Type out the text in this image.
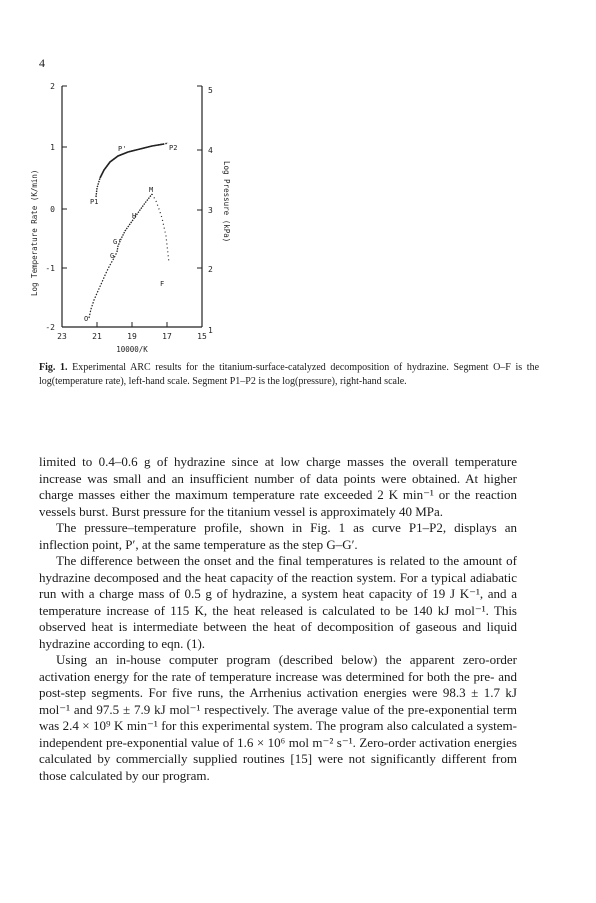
4
2
1
0
-1
-2
5
4
3
2
1
23	21	19	17	15
10000/K
Log Temperature Rate (K/min)	Log Pressure (kPa)
O
G
G'
H
M
F
P1
P'	P2
Fig. 1. Experimental ARC results for the titanium-surface-catalyzed decomposition of hydrazine. Segment O–F is the log(temperature rate), left-hand scale. Segment P1–P2 is the log(pressure), right-hand scale.

limited to 0.4–0.6 g of hydrazine since at low charge masses the overall temperature increase was small and an insufficient number of data points were obtained. At higher charge masses either the maximum temperature rate exceeded 2 K min⁻¹ or the reaction vessels burst. Burst pressure for the titanium vessel is approximately 40 MPa.

The pressure–temperature profile, shown in Fig. 1 as curve P1–P2, displays an inflection point, P′, at the same temperature as the step G–G′.

The difference between the onset and the final temperatures is related to the amount of hydrazine decomposed and the heat capacity of the reaction system. For a typical adiabatic run with a charge mass of 0.5 g of hydrazine, a system heat capacity of 19 J K⁻¹, and a temperature increase of 115 K, the heat released is calculated to be 140 kJ mol⁻¹. This observed heat is intermediate between the heat of decomposition of gaseous and liquid hydrazine according to eqn. (1).

Using an in-house computer program (described below) the apparent zero-order activation energy for the rate of temperature increase was determined for both the pre- and post-step segments. For five runs, the Arrhenius activation energies were 98.3 ± 1.7 kJ mol⁻¹ and 97.5 ± 7.9 kJ mol⁻¹ respectively. The average value of the pre-exponential term was 2.4 × 10⁹ K min⁻¹ for this experimental system. The program also calculated a system-independent pre-exponential value of 1.6 × 10⁶ mol m⁻² s⁻¹. Zero-order activation energies calculated by commercially supplied routines [15] were not significantly different from those calculated by our program.
